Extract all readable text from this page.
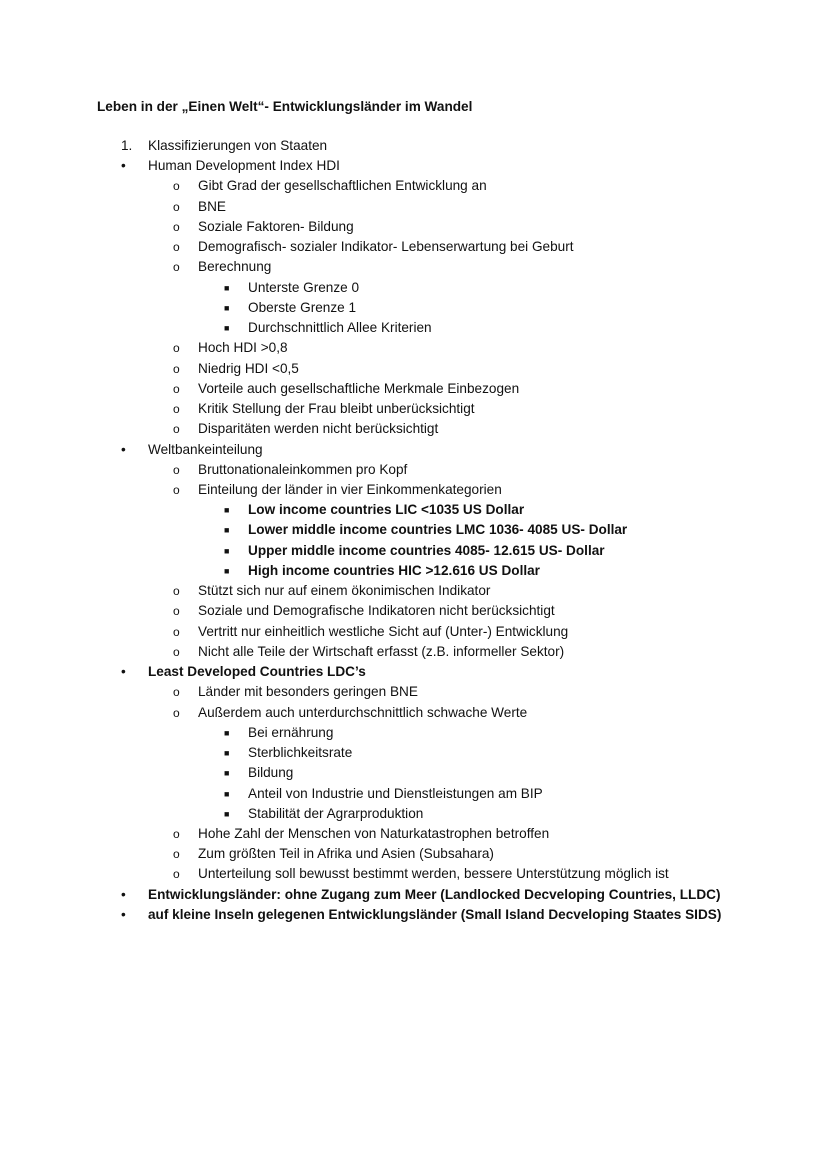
Leben in der „Einen Welt“- Entwicklungsländer im Wandel
1. Klassifizierungen von Staaten
• Human Development Index HDI
o Gibt Grad der gesellschaftlichen Entwicklung an
o BNE
o Soziale Faktoren- Bildung
o Demografisch- sozialer Indikator- Lebenserwartung bei Geburt
o Berechnung
■ Unterste Grenze 0
■ Oberste Grenze 1
■ Durchschnittlich Allee Kriterien
o Hoch HDI >0,8
o Niedrig HDI <0,5
o Vorteile auch gesellschaftliche Merkmale Einbezogen
o Kritik Stellung der Frau bleibt unberücksichtigt
o Disparitäten werden nicht berücksichtigt
• Weltbankeinteilung
o Bruttonationaleinkommen pro Kopf
o Einteilung der länder in vier Einkommenkategorien
■ Low income countries LIC <1035 US Dollar
■ Lower middle income countries LMC 1036- 4085 US- Dollar
■ Upper middle income countries 4085- 12.615 US- Dollar
■ High income countries HIC >12.616 US Dollar
o Stützt sich nur auf einem ökonimischen Indikator
o Soziale und Demografische Indikatoren nicht berücksichtigt
o Vertritt nur einheitlich westliche Sicht auf (Unter-) Entwicklung
o Nicht alle Teile der Wirtschaft erfasst (z.B. informeller Sektor)
• Least Developed Countries LDC’s
o Länder mit besonders geringen BNE
o Außerdem auch unterdurchschnittlich schwache Werte
■ Bei ernährung
■ Sterblichkeitsrate
■ Bildung
■ Anteil von Industrie und Dienstleistungen am BIP
■ Stabilität der Agrarproduktion
o Hohe Zahl der Menschen von Naturkatastrophen betroffen
o Zum größten Teil in Afrika und Asien (Subsahara)
o Unterteilung soll bewusst bestimmt werden, bessere Unterstützung möglich ist
• Entwicklungsländer: ohne Zugang zum Meer (Landlocked Decveloping Countries, LLDC)
• auf kleine Inseln gelegenen Entwicklungsländer (Small Island Decveloping Staates SIDS)
